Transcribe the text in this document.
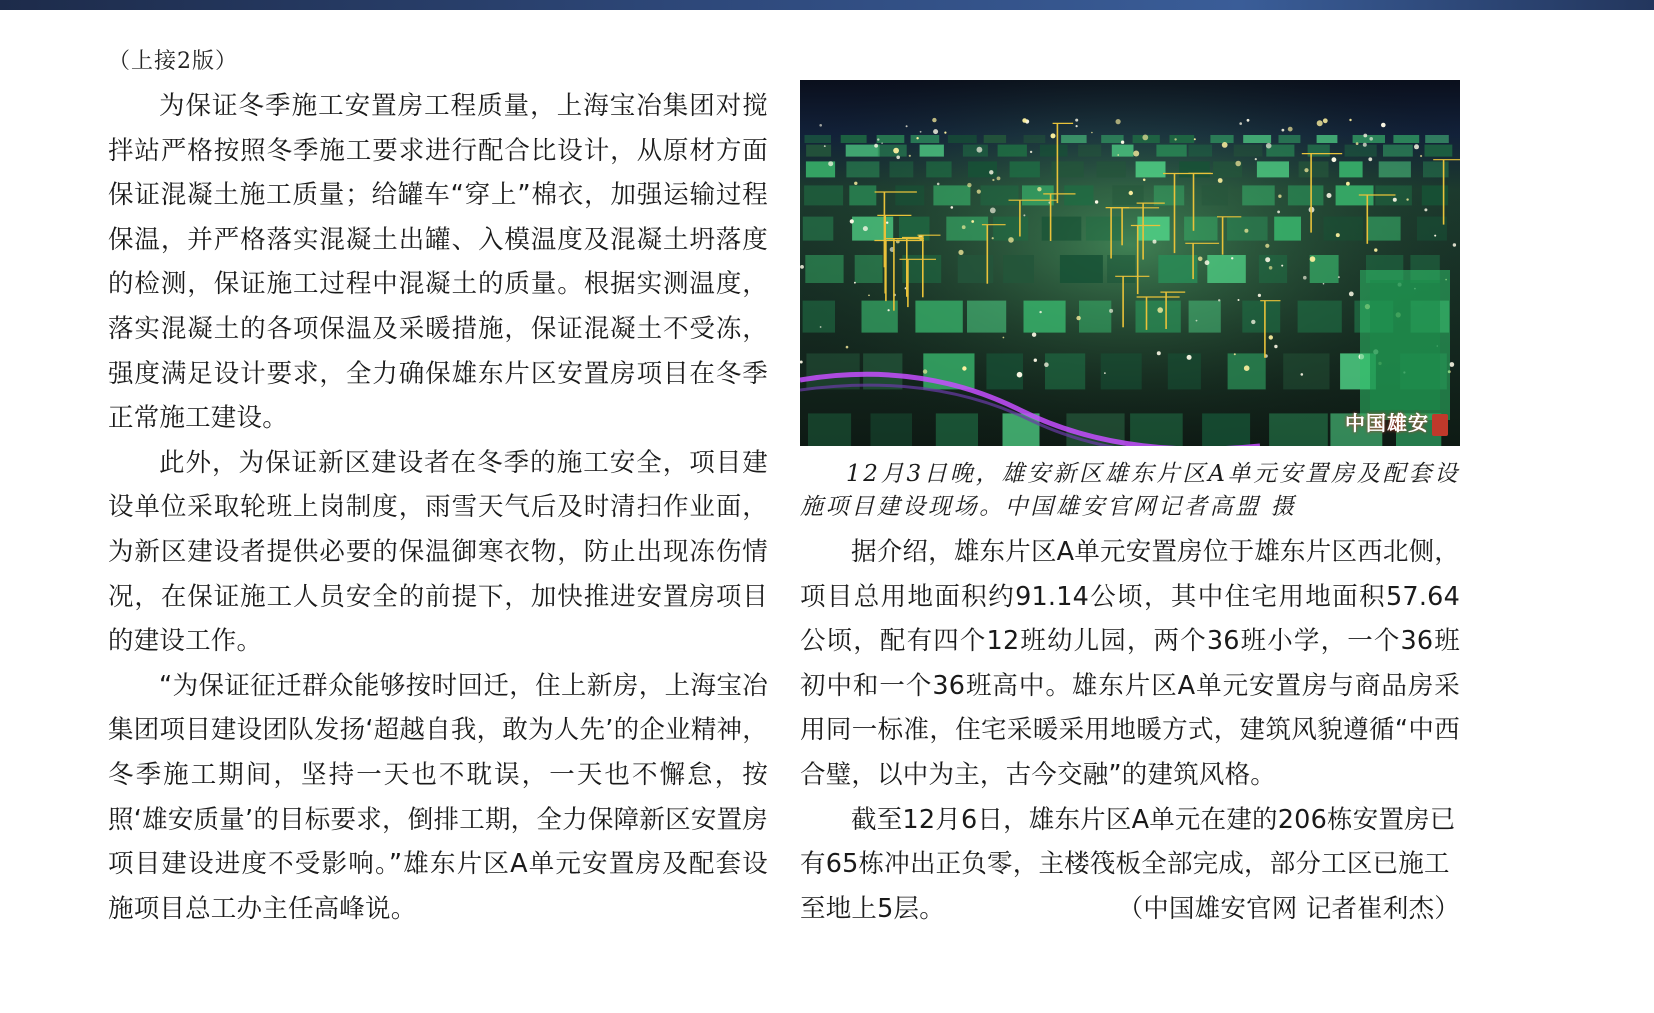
（上接2版）

为保证冬季施工安置房工程质量，上海宝冶集团对搅拌站严格按照冬季施工要求进行配合比设计，从原材方面保证混凝土施工质量；给罐车“穿上”棉衣，加强运输过程保温，并严格落实混凝土出罐、入模温度及混凝土坍落度的检测，保证施工过程中混凝土的质量。根据实测温度，落实混凝土的各项保温及采暖措施，保证混凝土不受冻，强度满足设计要求，全力确保雄东片区安置房项目在冬季正常施工建设。

此外，为保证新区建设者在冬季的施工安全，项目建设单位采取轮班上岗制度，雨雪天气后及时清扫作业面，为新区建设者提供必要的保温御寒衣物，防止出现冻伤情况，在保证施工人员安全的前提下，加快推进安置房项目的建设工作。

“为保证征迁群众能够按时回迁，住上新房，上海宝冶集团项目建设团队发扬‘超越自我，敢为人先’的企业精神，冬季施工期间，坚持一天也不耽误，一天也不懈怠，按照‘雄安质量’的目标要求，倒排工期，全力保障新区安置房项目建设进度不受影响。”雄东片区A单元安置房及配套设施项目总工办主任高峰说。

中国雄安
12月3日晚，雄安新区雄东片区A单元安置房及配套设施项目建设现场。中国雄安官网记者高盟 摄

据介绍，雄东片区A单元安置房位于雄东片区西北侧，项目总用地面积约91.14公顷，其中住宅用地面积57.64公顷，配有四个12班幼儿园，两个36班小学，一个36班初中和一个36班高中。雄东片区A单元安置房与商品房采用同一标准，住宅采暖采用地暖方式，建筑风貌遵循“中西合璧，以中为主，古今交融”的建筑风格。

截至12月6日，雄东片区A单元在建的206栋安置房已有65栋冲出正负零，主楼筏板全部完成，部分工区已施工至地上5层。	（中国雄安官网 记者崔利杰）
